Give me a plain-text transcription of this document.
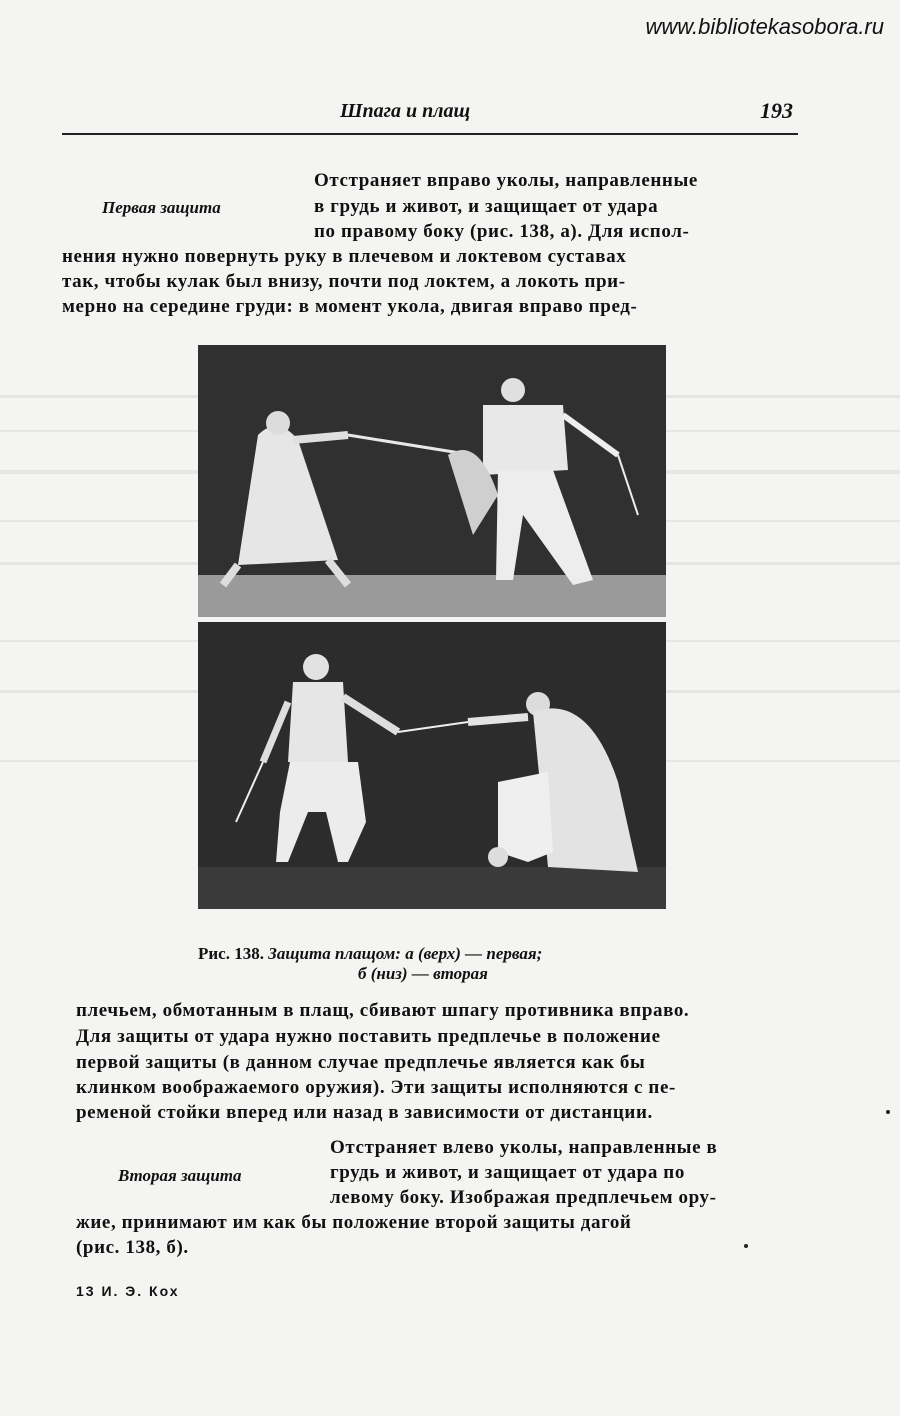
www.bibliotekasobora.ru
Шпага и плащ	193
Первая защита
Отстраняет вправо уколы, направленные
в грудь и живот, и защищает от удара
по правому боку (рис. 138, а). Для испол-
нения нужно повернуть руку в плечевом и локтевом суставах
так, чтобы кулак был внизу, почти под локтем, а локоть при-
мерно на середине груди: в момент укола, двигая вправо пред-
Рис. 138. Защита плащом: а (верх) — первая;
б (низ) — вторая
плечьем, обмотанным в плащ, сбивают шпагу противника вправо.
Для защиты от удара нужно поставить предплечье в положение
первой защиты (в данном случае предплечье является как бы
клинком воображаемого оружия). Эти защиты исполняются с пе-
ременой стойки вперед или назад в зависимости от дистанции.
Вторая защита
Отстраняет влево уколы, направленные в
грудь и живот, и защищает от удара по
левому боку. Изображая предплечьем ору-
жие, принимают им как бы положение второй защиты дагой
(рис. 138, б).
13 И. Э. Кох
